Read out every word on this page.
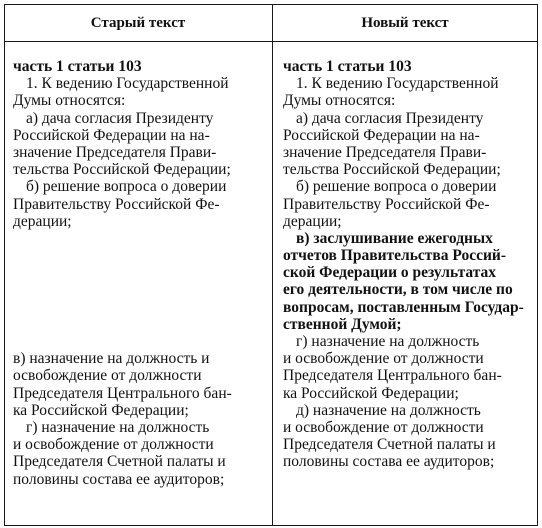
Старый текст	Новый текст
часть 1 статьи 103
1. К ведению Государственной
Думы относятся:
а) дача согласия Президенту
Российской Федерации на на-
значение Председателя Прави-
тельства Российской Федерации;
б) решение вопроса о доверии
Правительству Российской Фе-
дерации;
в) назначение на должность и
освобождение от должности
Председателя Центрального бан-
ка Российской Федерации;
г) назначение на должность
и освобождение от должности
Председателя Счетной палаты и
половины состава ее аудиторов;
часть 1 статьи 103
1. К ведению Государственной
Думы относятся:
а) дача согласия Президенту
Российской Федерации на на-
значение Председателя Прави-
тельства Российской Федерации;
б) решение вопроса о доверии
Правительству Российской Фе-
дерации;
в) заслушивание ежегодных
отчетов Правительства Россий-
ской Федерации о результатах
его деятельности, в том числе по
вопросам, поставленным Государ-
ственной Думой;
г) назначение на должность
и освобождение от должности
Председателя Центрального бан-
ка Российской Федерации;
д) назначение на должность
и освобождение от должности
Председателя Счетной палаты и
половины состава ее аудиторов;
